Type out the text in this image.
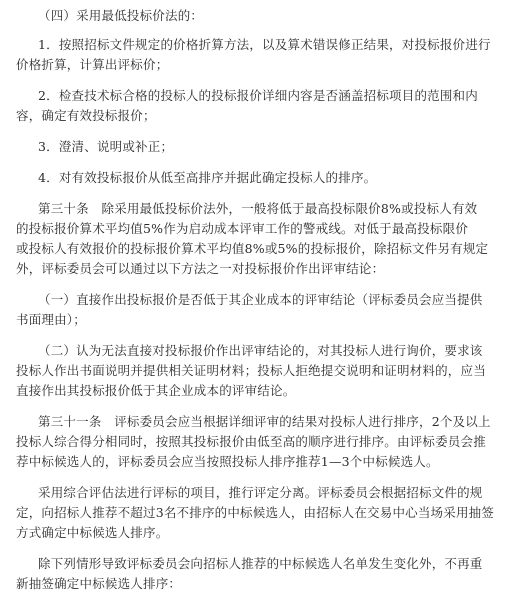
（四）采用最低投标价法的：

1．按照招标文件规定的价格折算方法，以及算术错误修正结果，对投标报价进行

价格折算，计算出评标价；

2．检查技术标合格的投标人的投标报价详细内容是否涵盖招标项目的范围和内

容，确定有效投标报价；

3．澄清、说明或补正；

4．对有效投标报价从低至高排序并据此确定投标人的排序。

第三十条　除采用最低投标价法外，一般将低于最高投标限价8%或投标人有效

的投标报价算术平均值5%作为启动成本评审工作的警戒线。对低于最高投标限价

或投标人有效报价的投标报价算术平均值8%或5%的投标报价，除招标文件另有规定

外，评标委员会可以通过以下方法之一对投标报价作出评审结论：

（一）直接作出投标报价是否低于其企业成本的评审结论（评标委员会应当提供

书面理由）；

（二）认为无法直接对投标报价作出评审结论的，对其投标人进行询价，要求该

投标人作出书面说明并提供相关证明材料；投标人拒绝提交说明和证明材料的，应当

直接作出其投标报价低于其企业成本的评审结论。

第三十一条　评标委员会应当根据详细评审的结果对投标人进行排序，2个及以上

投标人综合得分相同时，按照其投标报价由低至高的顺序进行排序。由评标委员会推

荐中标候选人的，评标委员会应当按照投标人排序推荐1—3个中标候选人。

采用综合评估法进行评标的项目，推行评定分离。评标委员会根据招标文件的规

定，向招标人推荐不超过3名不排序的中标候选人，由招标人在交易中心当场采用抽签

方式确定中标候选人排序。

除下列情形导致评标委员会向招标人推荐的中标候选人名单发生变化外，不再重

新抽签确定中标候选人排序：
